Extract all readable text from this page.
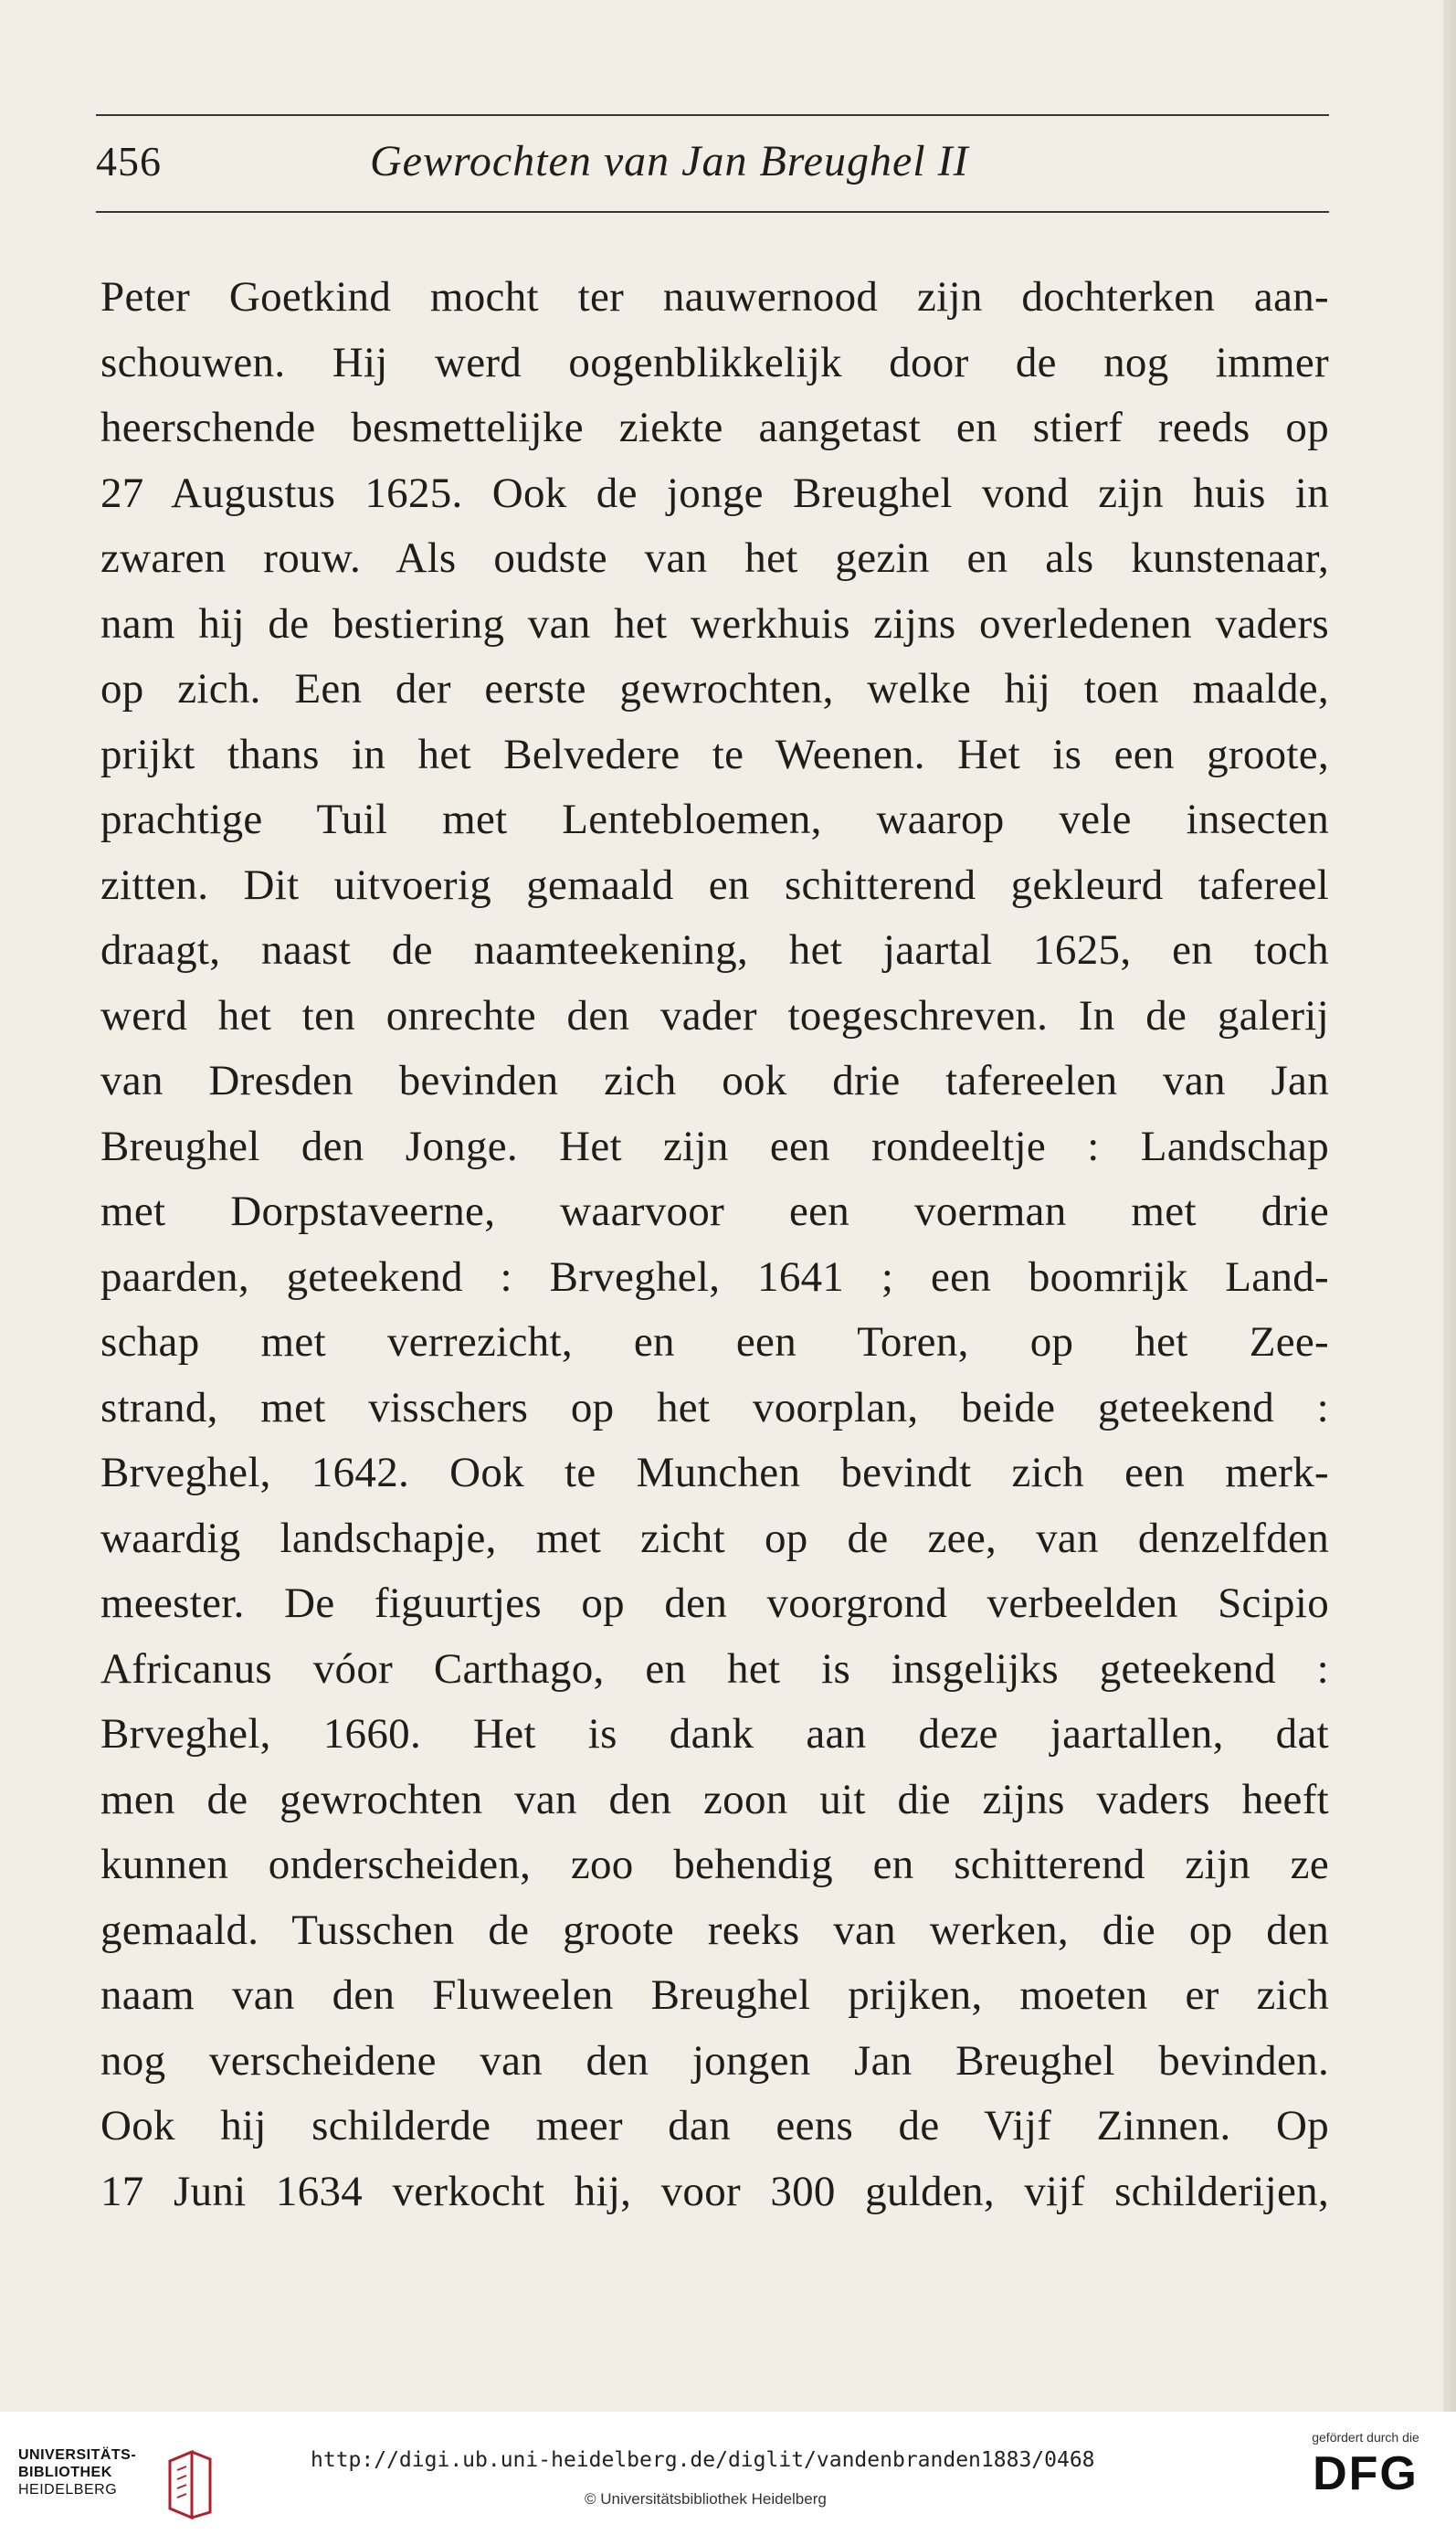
456	Gewrochten van Jan Breughel II
Peter Goetkind mocht ter nauwernood zijn dochterken aan-
schouwen. Hij werd oogenblikkelijk door de nog immer
heerschende besmettelijke ziekte aangetast en stierf reeds op
27 Augustus 1625. Ook de jonge Breughel vond zijn huis in
zwaren rouw. Als oudste van het gezin en als kunstenaar,
nam hij de bestiering van het werkhuis zijns overledenen vaders
op zich. Een der eerste gewrochten, welke hij toen maalde,
prijkt thans in het Belvedere te Weenen. Het is een groote,
prachtige Tuil met Lentebloemen, waarop vele insecten
zitten. Dit uitvoerig gemaald en schitterend gekleurd tafereel
draagt, naast de naamteekening, het jaartal 1625, en toch
werd het ten onrechte den vader toegeschreven. In de galerij
van Dresden bevinden zich ook drie tafereelen van Jan
Breughel den Jonge. Het zijn een rondeeltje : Landschap
met Dorpstaveerne, waarvoor een voerman met drie
paarden, geteekend : Brveghel, 1641 ; een boomrijk Land-
schap met verrezicht, en een Toren, op het Zee-
strand, met visschers op het voorplan, beide geteekend :
Brveghel, 1642. Ook te Munchen bevindt zich een merk-
waardig landschapje, met zicht op de zee, van denzelfden
meester. De figuurtjes op den voorgrond verbeelden Scipio
Africanus vóor Carthago, en het is insgelijks geteekend :
Brveghel, 1660. Het is dank aan deze jaartallen, dat
men de gewrochten van den zoon uit die zijns vaders heeft
kunnen onderscheiden, zoo behendig en schitterend zijn ze
gemaald. Tusschen de groote reeks van werken, die op den
naam van den Fluweelen Breughel prijken, moeten er zich
nog verscheidene van den jongen Jan Breughel bevinden.
Ook hij schilderde meer dan eens de Vijf Zinnen. Op
17 Juni 1634 verkocht hij, voor 300 gulden, vijf schilderijen,
UNIVERSITÄTS-
BIBLIOTHEK
HEIDELBERG
http://digi.ub.uni-heidelberg.de/diglit/vandenbranden1883/0468
© Universitätsbibliothek Heidelberg
gefördert durch die
DFG
